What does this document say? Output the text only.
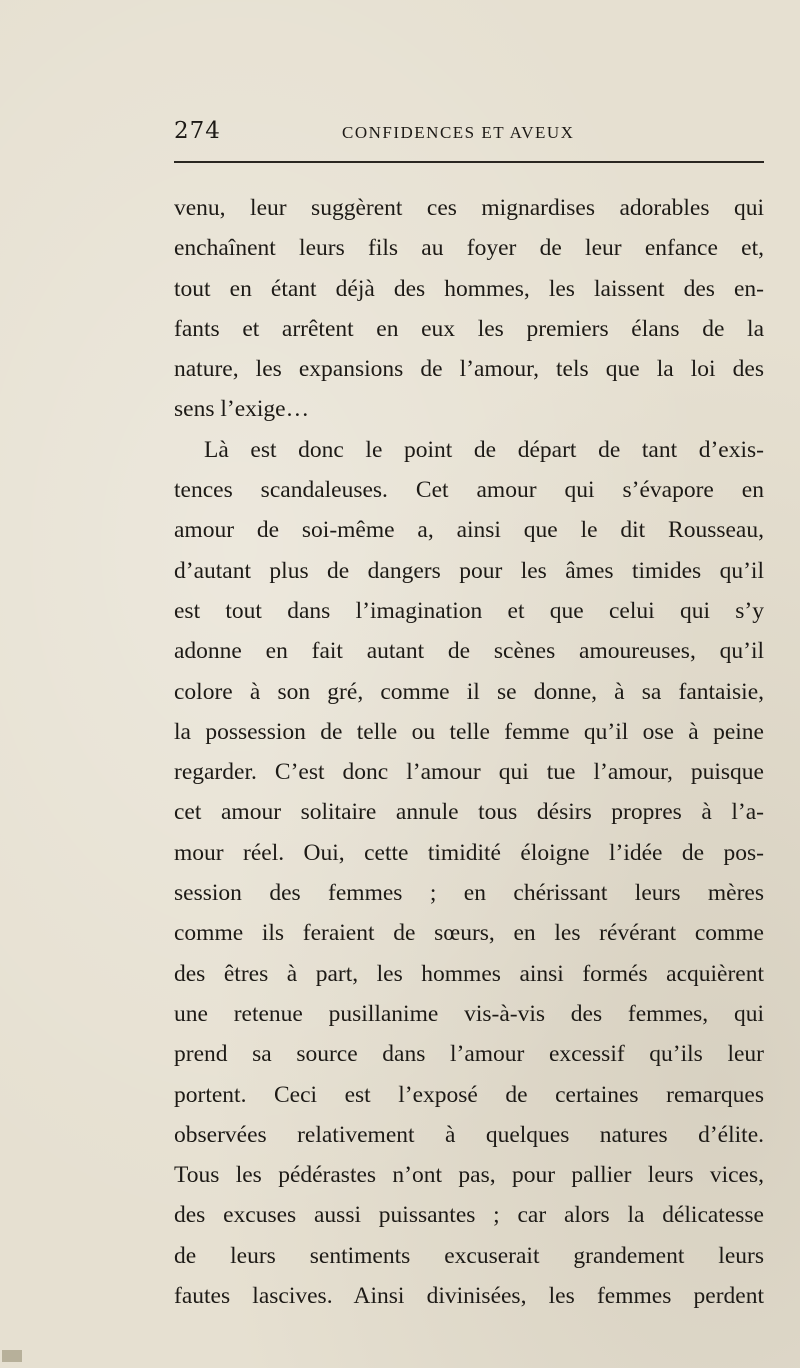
274	CONFIDENCES ET AVEUX
venu, leur suggèrent ces mignardises adorables qui
enchaînent leurs fils au foyer de leur enfance et,
tout en étant déjà des hommes, les laissent des en-
fants et arrêtent en eux les premiers élans de la
nature, les expansions de l’amour, tels que la loi des
sens l’exige…
Là est donc le point de départ de tant d’exis-
tences scandaleuses. Cet amour qui s’évapore en
amour de soi-même a, ainsi que le dit Rousseau,
d’autant plus de dangers pour les âmes timides qu’il
est tout dans l’imagination et que celui qui s’y
adonne en fait autant de scènes amoureuses, qu’il
colore à son gré, comme il se donne, à sa fantaisie,
la possession de telle ou telle femme qu’il ose à peine
regarder. C’est donc l’amour qui tue l’amour, puisque
cet amour solitaire annule tous désirs propres à l’a-
mour réel. Oui, cette timidité éloigne l’idée de pos-
session des femmes ; en chérissant leurs mères
comme ils feraient de sœurs, en les révérant comme
des êtres à part, les hommes ainsi formés acquièrent
une retenue pusillanime vis-à-vis des femmes, qui
prend sa source dans l’amour excessif qu’ils leur
portent. Ceci est l’exposé de certaines remarques
observées relativement à quelques natures d’élite.
Tous les pédérastes n’ont pas, pour pallier leurs vices,
des excuses aussi puissantes ; car alors la délicatesse
de leurs sentiments excuserait grandement leurs
fautes lascives. Ainsi divinisées, les femmes perdent
